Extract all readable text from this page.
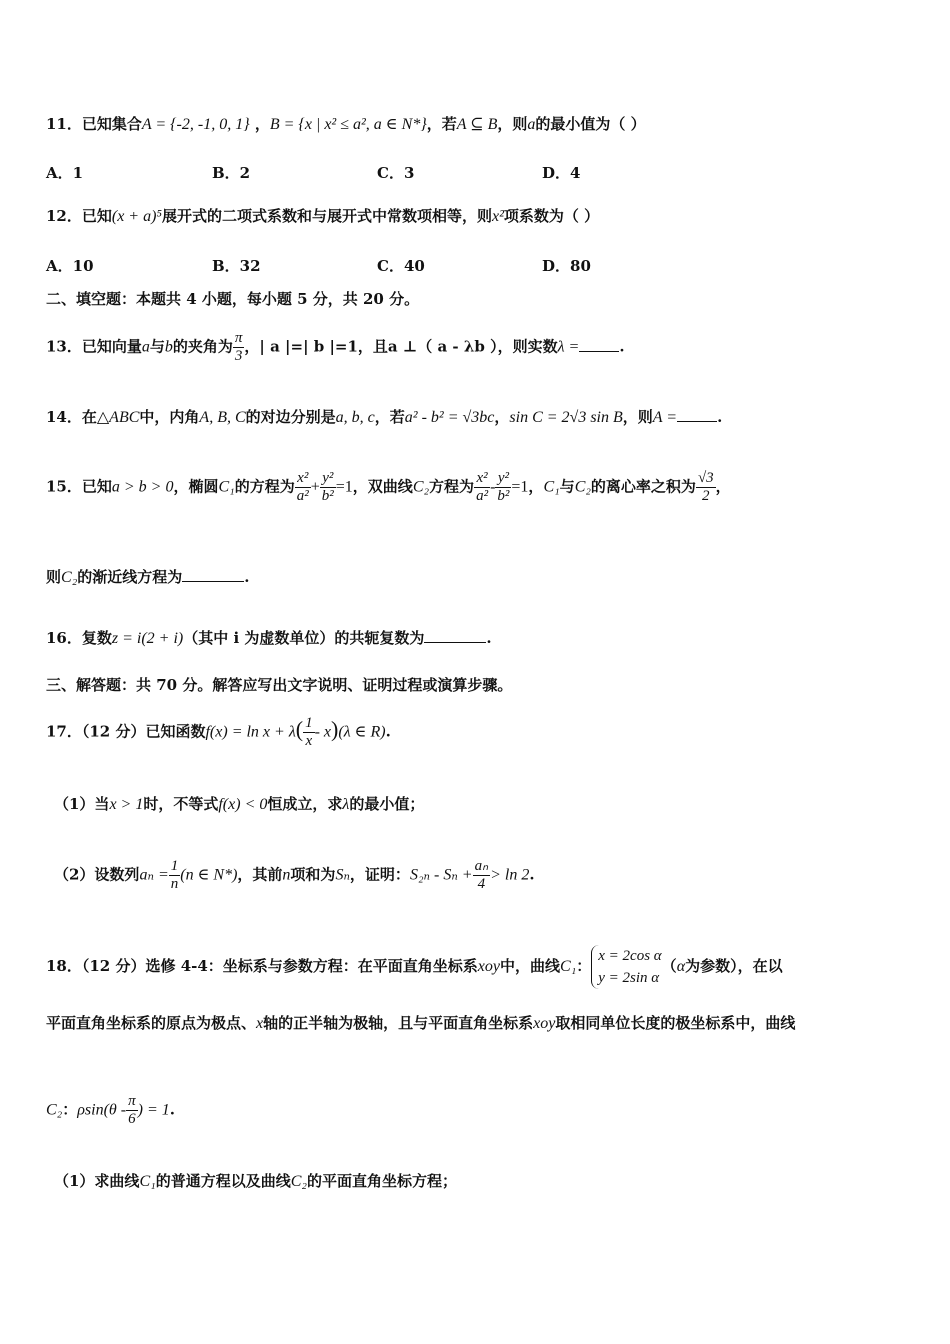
11．已知集合A = {-2, -1, 0, 1} ，B = {x | x² ≤ a², a ∈ N*}，若A ⊆ B，则a的最小值为（ ）
A．1	B．2	C．3	D．4
12．已知(x + a)⁵展开式的二项式系数和与展开式中常数项相等，则x²项系数为（ ）
A．10	B．32	C．40	D．80
二、填空题：本题共 4 小题，每小题 5 分，共 20 分。
13．已知向量a与b的夹角为 $\frac{\pi}{3}$ ，| a |=| b |=1，且a ⊥（ a - λb ），则实数λ =	.
14．在△ABC中，内角A, B, C的对边分别是a, b, c，若a² - b² = √3bc，sin C = 2√3 sin B，则A =	.
15．已知a > b > 0，椭圆C₁的方程为 $\frac{\text{x²}}{\text{a²}} + \frac{\text{y²}}{\text{b²}} =1$，双曲线C₂方程为 $\frac{\text{x²}}{\text{a²}} - \frac{\text{y²}}{\text{b²}} =1$，C₁与C₂的离心率之积为 $\frac{√3}{2}$ ，
则C₂的渐近线方程为	.
16．复数z = i(2 + i)（其中 i 为虚数单位）的共轭复数为	.
三、解答题：共 70 分。解答应写出文字说明、证明过程或演算步骤。
17．（12 分）已知函数$f(x) = \ln x + \lambda( \frac{1}{x} - x)(\lambda$ ∈ R).
（1）当x > 1时，不等式f(x) < 0恒成立，求λ的最小值；
（2）设数列$a_n = \frac{1}{n} (n$ ∈ N*)，其前n项和为Sₙ，证明：$S_{2n} - S_n + \frac{\text{aₙ}}{4} > \ln 2$.
18．（12 分）选修 4-4：坐标系与参数方程：在平面直角坐标系xoy中，曲线C₁：
x = 2cos α
y = 2sin α
（α为参数），在以
平面直角坐标系的原点为极点、x轴的正半轴为极轴，且与平面直角坐标系xoy取相同单位长度的极坐标系中，曲线
C₂：$\rho\sin(\theta - \frac{\pi}{6}$ ) = 1.
（1）求曲线C₁的普通方程以及曲线C₂的平面直角坐标方程；
